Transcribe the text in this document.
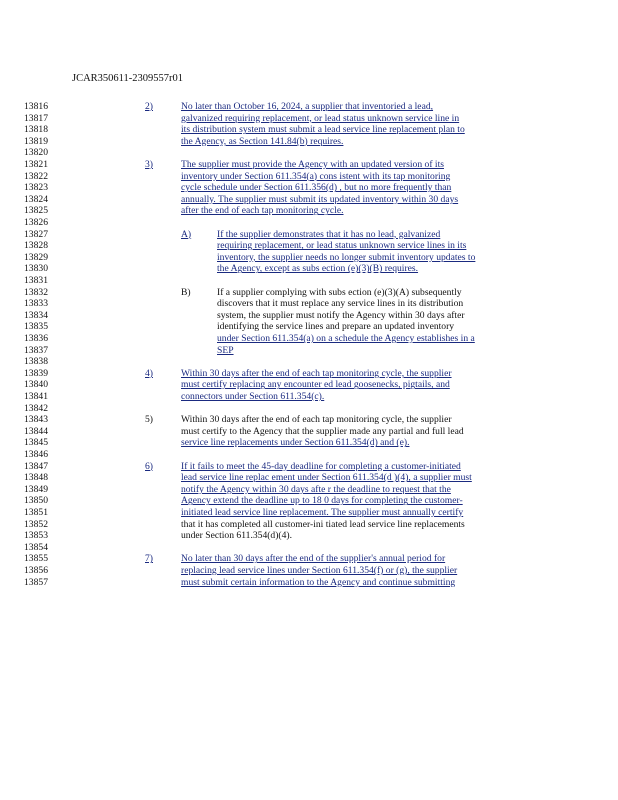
JCAR350611-2309557r01
13816
13817
13818
13819
13820
13821
13822
13823
13824
13825
13826
13827
13828
13829
13830
13831
13832
13833
13834
13835
13836
13837
13838
13839
13840
13841
13842
13843
13844
13845
13846
13847
13848
13849
13850
13851
13852
13853
13854
13855
13856
13857
2)	No later than October 16, 2024, a supplier that inventoried a lead,
galvanized requiring replacement, or lead status unknown service line in
its distribution system must submit a lead service line replacement plan to
the Agency, as Section 141.84(b) requires.
3)	The supplier must provide the Agency with an updated version of its
inventory under Section 611.354(a) cons istent with its tap monitoring
cycle schedule under Section 611.356(d) , but no more frequently than
annually. The supplier must submit its updated inventory within 30 days
after the end of each tap monitoring cycle.
A)	If the supplier demonstrates that it has no lead, galvanized
requiring replacement, or lead status unknown service lines in its
inventory, the supplier needs no longer submit inventory updates to
the Agency, except as subs ection (e)(3)(B) requires.
B)	If a supplier complying with subs ection (e)(3)(A) subsequently
discovers that it must replace any service lines in its distribution
system, the supplier must notify the Agency within 30 days after
identifying the service lines and prepare an updated inventory
under Section 611.354(a) on a schedule the Agency establishes in a
SEP
4)	Within 30 days after the end of each tap monitoring cycle, the supplier
must certify replacing any encounter ed lead goosenecks, pigtails, and
connectors under Section 611.354(c).
5)	Within 30 days after the end of each tap monitoring cycle, the supplier
must certify to the Agency that the supplier made any partial and full lead
service line replacements under Section 611.354(d) and (e).
6)	If it fails to meet the 45-day deadline for completing a customer-initiated
lead service line replac ement under Section 611.354(d )(4), a supplier must
notify the Agency within 30 days afte r the deadline to request that the
Agency extend the deadline up to 18 0 days for completing the customer-
initiated lead service line replacement. The supplier must annually certify
that it has completed all customer-ini tiated lead service line replacements
under Section 611.354(d)(4).
7)	No later than 30 days after the end of the supplier's annual period for
replacing lead service lines under Section 611.354(f) or (g), the supplier
must submit certain information to the Agency and continue submitting
